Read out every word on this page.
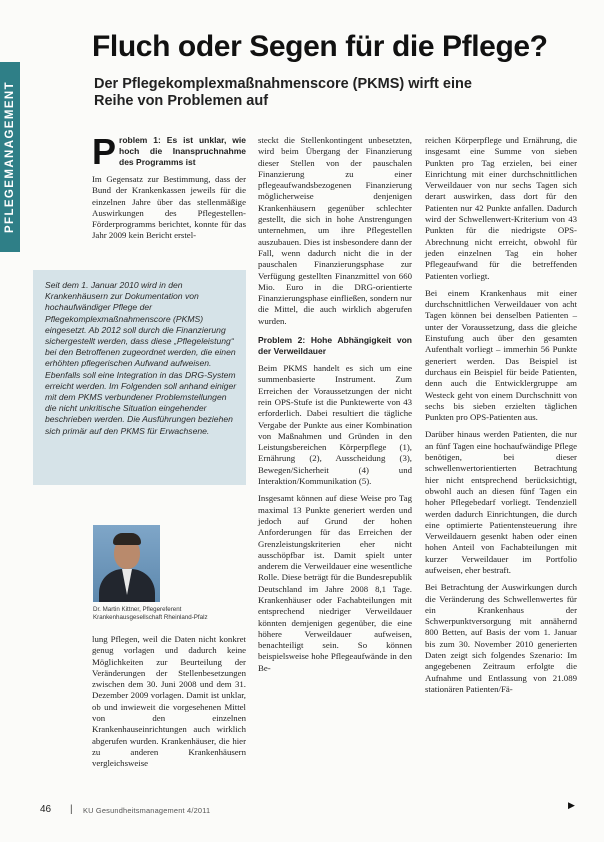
PFLEGEMANAGEMENT
Fluch oder Segen für die Pflege?
Der Pflegekomplexmaßnahmenscore (PKMS) wirft eine Reihe von Problemen auf

Problem 1: Es ist unklar, wie hoch die Inanspruchnahme des Programms ist

Im Gegensatz zur Bestimmung, dass der Bund der Krankenkassen jeweils für die einzelnen Jahre über das stellenmäßige Auswirkungen des Pflegestellen-Förderprogramms berichtet, konnte für das Jahr 2009 kein Bericht erstel-

Seit dem 1. Januar 2010 wird in den Krankenhäusern zur Dokumentation von hochaufwändiger Pflege der Pflegekomplexmaßnahmenscore (PKMS) eingesetzt. Ab 2012 soll durch die Finanzierung sichergestellt werden, dass diese „Pflegeleistung“ bei den Betroffenen zugeordnet werden, die einen erhöhten pflegerischen Aufwand aufweisen. Ebenfalls soll eine Integration in das DRG-System erreicht werden. Im Folgenden soll anhand einiger mit dem PKMS verbundener Problemstellungen die nicht unkritische Situation eingehender beschrieben werden. Die Ausführungen beziehen sich primär auf den PKMS für Erwachsene.

Dr. Martin Kittner, Pflegereferent Krankenhausgesellschaft Rheinland-Pfalz

lung Pflegen, weil die Daten nicht konkret genug vorlagen und dadurch keine Möglichkeiten zur Beurteilung der Veränderungen der Stellenbesetzungen zwischen dem 30. Juni 2008 und dem 31. Dezember 2009 vorlagen. Damit ist unklar, ob und inwieweit die vorgesehenen Mittel von den einzelnen Krankenhauseinrichtungen auch wirklich abgerufen wurden. Krankenhäuser, die hier zu anderen Krankenhäusern vergleichsweise

steckt die Stellenkontingent unbesetzten, wird beim Übergang der Finanzierung dieser Stellen von der pauschalen Finanzierung zu einer pflegeaufwandsbezogenen Finanzierung möglicherweise denjenigen Krankenhäusern gegenüber schlechter gestellt, die sich in hohe Anstrengungen unternehmen, um ihre Pflegestellen auszubauen. Dies ist insbesondere dann der Fall, wenn dadurch nicht die in der pauschalen Finanzierungsphase zur Verfügung gestellten Finanzmittel von 660 Mio. Euro in die DRG-orientierte Finanzierungsphase einfließen, sondern nur die Mittel, die auch wirklich abgerufen wurden.

Problem 2: Hohe Abhängigkeit von der Verweildauer

Beim PKMS handelt es sich um eine summenbasierte Instrument. Zum Erreichen der Voraussetzungen der nicht rein OPS-Stufe ist die Punktewerte von 43 erforderlich. Dabei resultiert die tägliche Vergabe der Punkte aus einer Kombination von Maßnahmen und Gründen in den Leistungsbereichen Körperpflege (1), Ernährung (2), Ausscheidung (3), Bewegen/Sicherheit (4) und Interaktion/Kommunikation (5).

Insgesamt können auf diese Weise pro Tag maximal 13 Punkte generiert werden und jedoch auf Grund der hohen Anforderungen für das Erreichen der Grenzleistungskriterien eher nicht ausschöpfbar ist. Damit spielt unter anderem die Verweildauer eine wesentliche Rolle. Diese beträgt für die Bundesrepublik Deutschland im Jahre 2008 8,1 Tage. Krankenhäuser oder Fachabteilungen mit entsprechend niedriger Verweildauer könnten demjenigen gegenüber, die eine höhere Verweildauer aufweisen, benachteiligt sein. So können beispielsweise hohe Pflegeaufwände in den Be-

reichen Körperpflege und Ernährung, die insgesamt eine Summe von sieben Punkten pro Tag erzielen, bei einer Einrichtung mit einer durchschnittlichen Verweildauer von nur sechs Tagen sich derart auswirken, dass dort für den Patienten nur 42 Punkte anfallen. Dadurch wird der Schwellenwert-Kriterium von 43 Punkten für die niedrigste OPS-Abrechnung nicht erreicht, obwohl für jeden einzelnen Tag ein hoher Pflegeaufwand für die betreffenden Patienten vorliegt.

Bei einem Krankenhaus mit einer durchschnittlichen Verweildauer von acht Tagen können bei denselben Patienten – unter der Voraussetzung, dass die gleiche Einstufung auch über den gesamten Aufenthalt vorliegt – immerhin 56 Punkte generiert werden. Das Beispiel ist durchaus ein Beispiel für beide Patienten, denn auch die Entwicklergruppe am Westeck geht von einem Durchschnitt von sechs bis sieben erzielten täglichen Punkten pro OPS-Patienten aus.

Darüber hinaus werden Patienten, die nur an fünf Tagen eine hochaufwändige Pflege benötigen, bei dieser schwellenwertorientierten Betrachtung hier nicht entsprechend berücksichtigt, obwohl auch an diesen fünf Tagen ein hoher Pflegebedarf vorliegt. Tendenziell werden dadurch Einrichtungen, die durch eine optimierte Patientensteuerung ihre Verweildauern gesenkt haben oder einen hohen Anteil von Fachabteilungen mit kurzer Verweildauer im Portfolio aufweisen, eher bestraft.

Bei Betrachtung der Auswirkungen durch die Veränderung des Schwellenwertes für ein Krankenhaus der Schwerpunktversorgung mit annähernd 800 Betten, auf Basis der vom 1. Januar bis zum 30. November 2010 generierten Daten zeigt sich folgendes Szenario: Im angegebenen Zeitraum erfolgte die Aufnahme und Entlassung von 21.089 stationären Patienten/Fä-

▶
46 | KU Gesundheitsmanagement 4/2011
